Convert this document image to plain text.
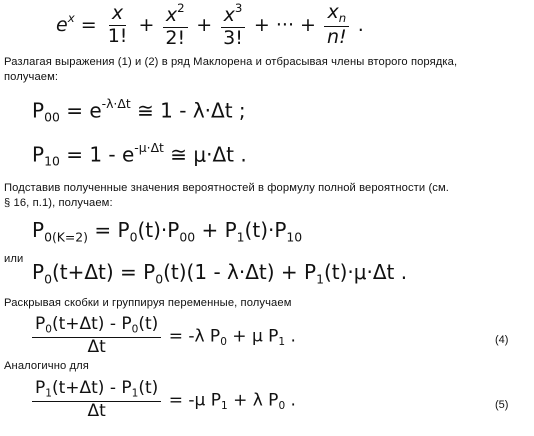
$e^x = \frac{x}{1!} + \frac{x^2}{2!} + \frac{x^3}{3!}$ + ··· + $\frac{x_n}{n!}$ .
Разлагая выражения (1) и (2) в ряд Маклорена и отбрасывая члены второго порядка,
получаем:
$P_{00} = e^{-\lambda\cdot\Delta t}$ ≅ 1 - λ·Δt ;
$P_{10} = 1 - e^{-\mu\cdot\Delta t}$ ≅ μ·Δt .
Подставив полученные значения вероятностей в формулу полной вероятности (см.
§ 16, п.1), получаем:
$P_{0(K=2)} = P_0(t)\cdot P_{00} + P_1(t)\cdot P_{10}$
или
$P_0(t+\Delta t) = P_0(t)(1 - \lambda\cdot\Delta t) + P_1(t)\cdot\mu\cdot\Delta t$ .
Раскрывая скобки и группируя переменные, получаем
$\frac{P_0(t+\Delta t) - P_0(t)}{\Delta t} = -\lambda$ $P_0 + \mu$ $P_1$ .	(4)
Аналогично для
$\frac{P_1(t+\Delta t) - P_1(t)}{\Delta t} = -\mu$ $P_1 + \lambda$ $P_0$ .	(5)
